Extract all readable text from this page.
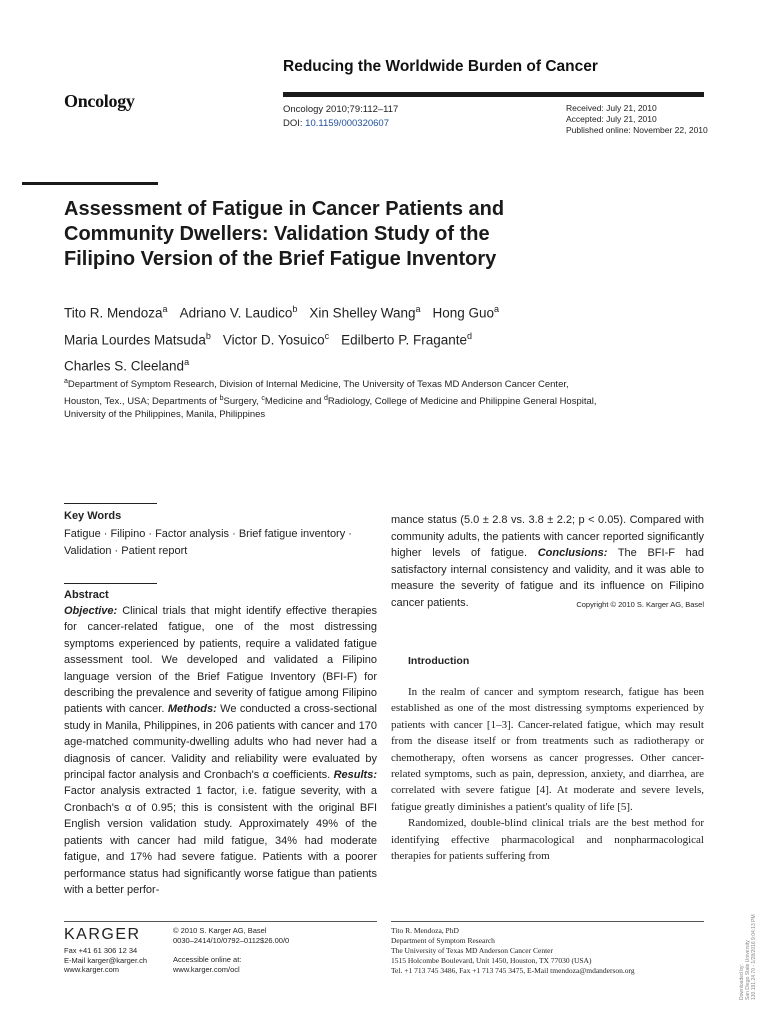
Reducing the Worldwide Burden of Cancer
Oncology	Oncology 2010;79:112–117
DOI: 10.1159/000320607
Received: July 21, 2010
Accepted: July 21, 2010
Published online: November 22, 2010
Assessment of Fatigue in Cancer Patients and
Community Dwellers: Validation Study of the
Filipino Version of the Brief Fatigue Inventory
Tito R. Mendoza$^a$ Adriano V. Laudico$^b$ Xin Shelley Wang$^a$ Hong Guo$^a$
Maria Lourdes Matsuda$^b$ Victor D. Yosuico$^c$ Edilberto P. Fragante$^d$
Charles S. Cleeland$^a$
$^a$Department of Symptom Research, Division of Internal Medicine, The University of Texas MD Anderson Cancer Center, Houston, Tex., USA; Departments of $^b$Surgery, $^c$Medicine and $^d$Radiology, College of Medicine and Philippine General Hospital, University of the Philippines, Manila, Philippines
Key Words
Fatigue · Filipino · Factor analysis · Brief fatigue inventory · Validation · Patient report
Abstract
Objective: Clinical trials that might identify effective therapies for cancer-related fatigue, one of the most distressing symptoms experienced by patients, require a validated fatigue assessment tool. We developed and validated a Filipino language version of the Brief Fatigue Inventory (BFI-F) for describing the prevalence and severity of fatigue among Filipino patients with cancer. Methods: We conducted a cross-sectional study in Manila, Philippines, in 206 patients with cancer and 170 age-matched community-dwelling adults who had never had a diagnosis of cancer. Validity and reliability were evaluated by principal factor analysis and Cronbach's α coefficients. Results: Factor analysis extracted 1 factor, i.e. fatigue severity, with a Cronbach's α of 0.95; this is consistent with the original BFI English version validation study. Approximately 49% of the patients with cancer had mild fatigue, 34% had moderate fatigue, and 17% had severe fatigue. Patients with a poorer performance status had significantly worse fatigue than patients with a better perfor-
mance status (5.0 ± 2.8 vs. 3.8 ± 2.2; p < 0.05). Compared with community adults, the patients with cancer reported significantly higher levels of fatigue. Conclusions: The BFI-F had satisfactory internal consistency and validity, and it was able to measure the severity of fatigue and its influence on Filipino cancer patients.	Copyright © 2010 S. Karger AG, Basel
Introduction

In the realm of cancer and symptom research, fatigue has been established as one of the most distressing symptoms experienced by patients with cancer [1–3]. Cancer-related fatigue, which may result from the disease itself or from treatments such as radiotherapy or chemotherapy, often worsens as cancer progresses. Other cancer-related symptoms, such as pain, depression, anxiety, and diarrhea, are correlated with severe fatigue [4]. At moderate and severe levels, fatigue greatly diminishes a patient's quality of life [5].

Randomized, double-blind clinical trials are the best method for identifying effective pharmacological and nonpharmacological therapies for patients suffering from

KARGER
Fax +41 61 306 12 34
E-Mail karger@karger.ch
www.karger.com
© 2010 S. Karger AG, Basel
0030–2414/10/0792–0112$26.00/0
Accessible online at:
www.karger.com/ocl
Tito R. Mendoza, PhD
Department of Symptom Research
The University of Texas MD Anderson Cancer Center
1515 Holcombe Boulevard, Unit 1450, Houston, TX 77030 (USA)
Tel. +1 713 745 3486, Fax +1 713 745 3475, E-Mail tmendoza@mdanderson.org	Downloaded by: San Diego State University 130.191.24.70 - 1/28/2016 9:04:13 PM
